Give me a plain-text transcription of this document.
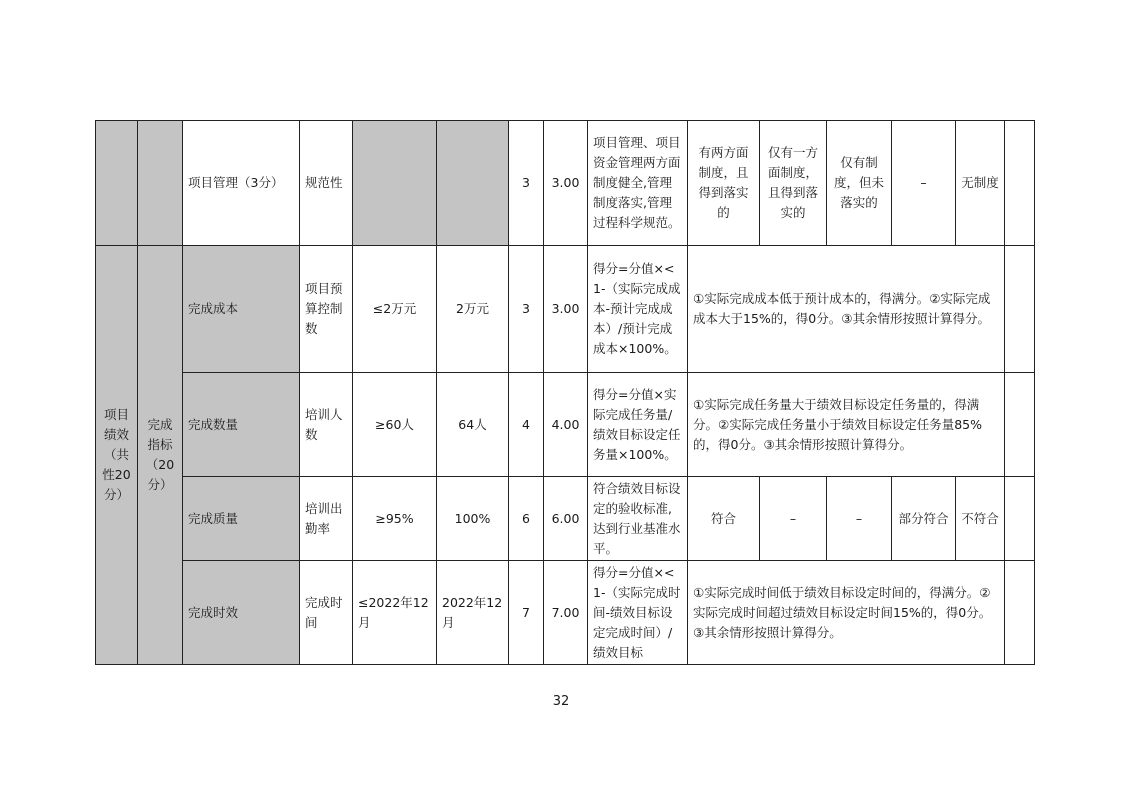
		项目管理（3分）	规范性			3	3.00	项目管理、项目资金管理两方面制度健全,管理制度落实,管理过程科学规范。	有两方面制度，且得到落实的	仅有一方面制度，且得到落实的	仅有制度，但未落实的	–	无制度	
项目绩效（共性20分）	完成指标（20分）	完成成本	项目预算控制数	≤2万元	2万元	3	3.00	得分=分值×<1-（实际完成成本-预计完成成本）/预计完成成本×100%。	①实际完成成本低于预计成本的，得满分。②实际完成成本大于15%的，得0分。③其余情形按照计算得分。					
		完成数量	培训人数	≥60人	64人	4	4.00	得分=分值×实际完成任务量/绩效目标设定任务量×100%。	①实际完成任务量大于绩效目标设定任务量的，得满分。②实际完成任务量小于绩效目标设定任务量85%的，得0分。③其余情形按照计算得分。					
		完成质量	培训出勤率	≥95%	100%	6	6.00	符合绩效目标设定的验收标准,达到行业基准水平。	符合	–	–	部分符合	不符合	
		完成时效	完成时间	≤2022年12月	2022年12月	7	7.00	得分=分值×<1-（实际完成时间-绩效目标设定完成时间）/绩效目标	①实际完成时间低于绩效目标设定时间的，得满分。②实际完成时间超过绩效目标设定时间15%的，得0分。③其余情形按照计算得分。					
32
